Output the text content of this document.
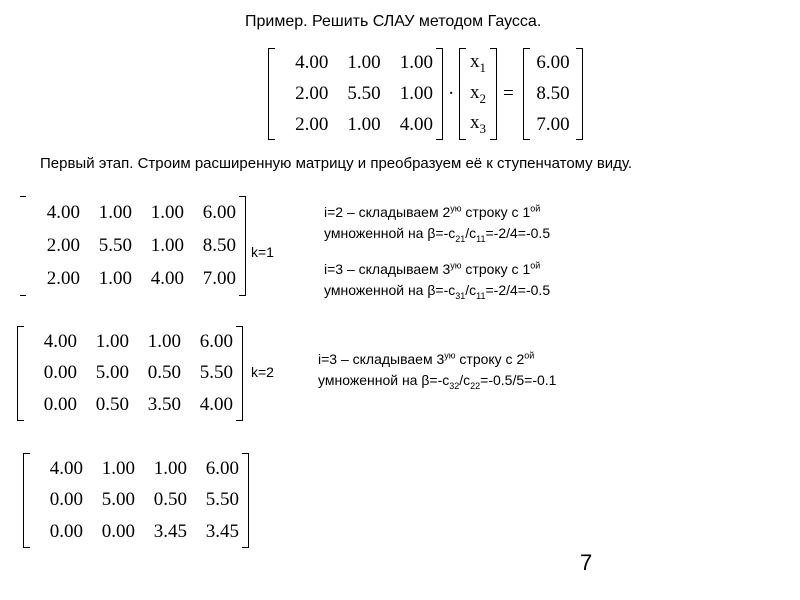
Пример. Решить СЛАУ методом Гаусса.
4.00	1.00	1.00
2.00	5.50	1.00
2.00	1.00	4.00
·
$x_1$
$x_2$
$x_3$
=
6.00
8.50
7.00
Первый этап. Строим расширенную матрицу и преобразуем её к ступенчатому виду.
4.00	1.00	1.00	6.00
2.00	5.50	1.00	8.50
2.00	1.00	4.00	7.00
k=1
i=2 – складываем $2^{ую}$ строку с $1^{ой}$
умноженной на $\beta=-c_{21}/c_{11}=-2/4=-0.5$
i=3 – складываем $3^{ую}$ строку с $1^{ой}$
умноженной на $\beta=-c_{31}/c_{11}=-2/4=-0.5$
4.00	1.00	1.00	6.00
0.00	5.00	0.50	5.50
0.00	0.50	3.50	4.00
k=2
i=3 – складываем $3^{ую}$ строку с $2^{ой}$
умноженной на $\beta=-c_{32}/c_{22}=-0.5/5=-0.1$
4.00	1.00	1.00	6.00
0.00	5.00	0.50	5.50
0.00	0.00	3.45	3.45
7
